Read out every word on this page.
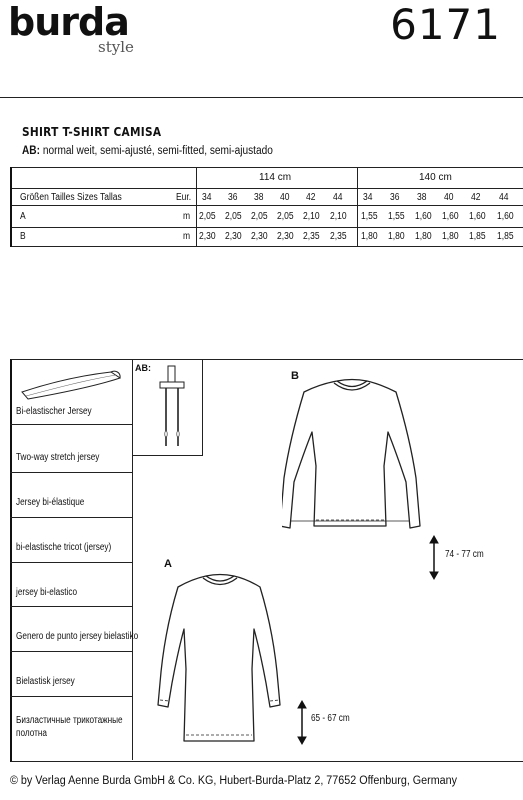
burda
style	6171
SHIRT T-SHIRT CAMISA
AB: normal weit, semi-ajusté, semi-fitted, semi-ajustado
114 cm	140 cm
Größen Tailles Sizes Tallas	Eur. 34 36 38 40 42 44 34 36 38 40 42 44
A	m 2,05 2,05 2,05 2,05 2,10 2,10 1,55 1,55 1,60 1,60 1,60 1,60
B	m 2,30 2,30 2,30 2,30 2,35 2,35 1,80 1,80 1,80 1,80 1,85 1,85
Bi-elastischer Jersey
Two-way stretch jersey
Jersey bi-élastique
bi-elastische tricot (jersey)
jersey bi-elastico
Genero de punto jersey bielastiko
Bielastisk jersey
Бизластичные трикотажные полотна
AB:
B
74 - 77 cm
A
65 - 67 cm
© by Verlag Aenne Burda GmbH & Co. KG, Hubert-Burda-Platz 2, 77652 Offenburg, Germany
